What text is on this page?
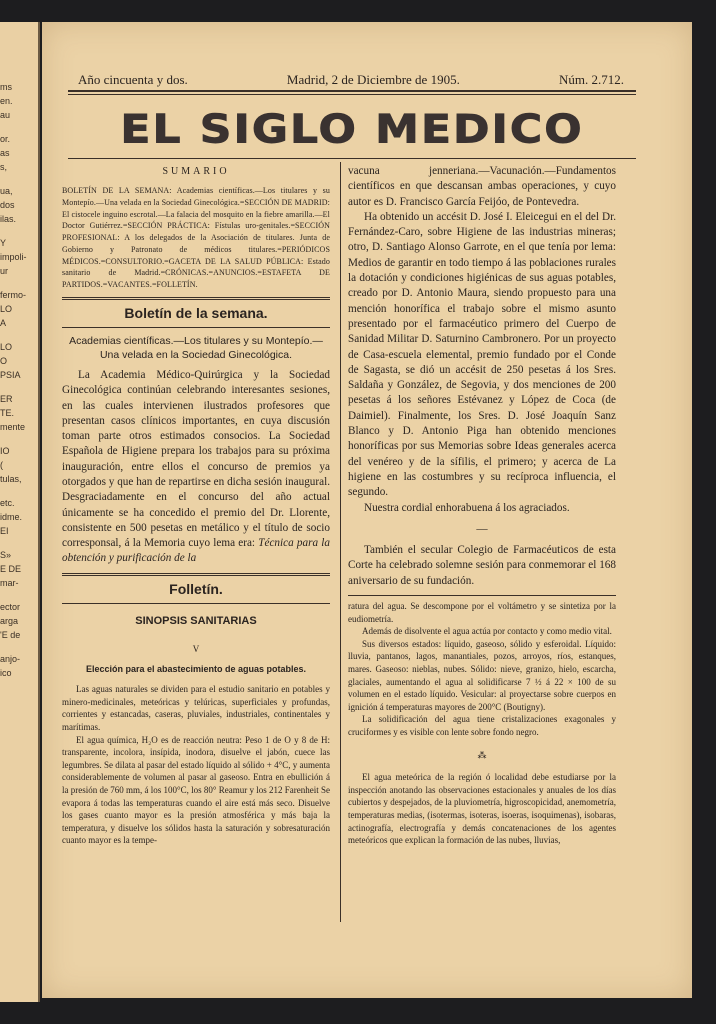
ms
en.
au
or.
as
s,
ua,
dos
ilas.
Y
impoli-
ur
fermo-
LO
A
LO
O
PSIA
ER
TE.
mente
IO
(
tulas,
etc.
idme.
EI
S»
E DE
mar-
ector
arga
'E de
anjo-
ico
Año cincuenta y dos.	Madrid, 2 de Diciembre de 1905.	Núm. 2.712.
EL SIGLO MEDICO
SUMARIO
BOLETÍN DE LA SEMANA: Academias científicas.—Los titulares y su Montepío.—Una velada en la Sociedad Ginecológica.=SECCIÓN DE MADRID: El cistocele inguino escrotal.—La falacia del mosquito en la fiebre amarilla.—El Doctor Gutiérrez.=SECCIÓN PRÁCTICA: Fístulas uro-genitales.=SECCIÓN PROFESIONAL: A los delegados de la Asociación de titulares. Junta de Gobierno y Patronato de médicos titulares.=PERIÓDICOS MÉDICOS.=CONSULTORIO.=GACETA DE LA SALUD PÚBLICA: Estado sanitario de Madrid.=CRÓNICAS.=ANUNCIOS.=ESTAFETA DE PARTIDOS.=VACANTES.=FOLLETÍN.
Boletín de la semana.
Academias científicas.—Los titulares y su Montepío.—Una velada en la Sociedad Ginecológica.

La Academia Médico-Quirúrgica y la Sociedad Ginecológica continúan celebrando interesantes sesiones, en las cuales intervienen ilustrados profesores que presentan casos clínicos importantes, en cuya discusión toman parte otros estimados consocios. La Sociedad Española de Higiene prepara los trabajos para su próxima inauguración, entre ellos el concurso de premios ya otorgados y que han de repartirse en dicha sesión inaugural. Desgraciadamente en el concurso del año actual únicamente se ha concedido el premio del Dr. Llorente, consistente en 500 pesetas en metálico y el título de socio corresponsal, á la Memoria cuyo lema era: Técnica para la obtención y purificación de la

Folletín.
SINOPSIS SANITARIAS
V
Elección para el abastecimiento de aguas potables.

Las aguas naturales se dividen para el estudio sanitario en potables y minero-medicinales, meteóricas y telúricas, superficiales y profundas, corrientes y estancadas, caseras, pluviales, industriales, continentales y marítimas.

El agua química, H₂O es de reacción neutra: Peso 1 de O y 8 de H: transparente, incolora, insípida, inodora, disuelve el jabón, cuece las legumbres. Se dilata al pasar del estado líquido al sólido + 4°C, y aumenta considerablemente de volumen al pasar al gaseoso. Entra en ebullición á la presión de 760 mm, á los 100°C, los 80° Reamur y los 212 Farenheit Se evapora á todas las temperaturas cuando el aire está más seco. Disuelve los gases cuanto mayor es la presión atmosférica y más baja la temperatura, y disuelve los sólidos hasta la saturación y sobresaturación cuanto mayor es la tempe-

vacuna jenneriana.—Vacunación.—Fundamentos científicos en que descansan ambas operaciones, y cuyo autor es D. Francisco García Feijóo, de Pontevedra.

Ha obtenido un accésit D. José I. Eleicegui en el del Dr. Fernández-Caro, sobre Higiene de las industrias mineras; otro, D. Santiago Alonso Garrote, en el que tenía por lema: Medios de garantir en todo tiempo á las poblaciones rurales la dotación y condiciones higiénicas de sus aguas potables, creado por D. Antonio Maura, siendo propuesto para una mención honorífica el trabajo sobre el mismo asunto presentado por el farmacéutico primero del Cuerpo de Sanidad Militar D. Saturnino Cambronero. Por un proyecto de Casa-escuela elemental, premio fundado por el Conde de Sagasta, se dió un accésit de 250 pesetas á los Sres. Saldaña y González, de Segovia, y dos menciones de 200 pesetas á los señores Estévanez y López de Coca (de Daimiel). Finalmente, los Sres. D. José Joaquín Sanz Blanco y D. Antonio Piga han obtenido menciones honoríficas por sus Memorias sobre Ideas generales acerca del venéreo y de la sífilis, el primero; y acerca de La higiene en las costumbres y su recíproca influencia, el segundo.

Nuestra cordial enhorabuena á los agraciados.

—

También el secular Colegio de Farmacéuticos de esta Corte ha celebrado solemne sesión para conmemorar el 168 aniversario de su fundación.

ratura del agua. Se descompone por el voltámetro y se sintetiza por la eudiometría.

Además de disolvente el agua actúa por contacto y como medio vital.

Sus diversos estados: líquido, gaseoso, sólido y esferoidal. Líquido: lluvia, pantanos, lagos, manantiales, pozos, arroyos, ríos, estanques, mares. Gaseoso: nieblas, nubes. Sólido: nieve, granizo, hielo, escarcha, glaciales, aumentando el agua al solidificarse 7 ½ á 22 × 100 de su volumen en el estado líquido. Vesicular: al proyectarse sobre cuerpos en ignición á temperaturas mayores de 200°C (Boutigny).

La solidificación del agua tiene cristalizaciones exagonales y cruciformes y es visible con lente sobre fondo negro.

⁂

El agua meteórica de la región ó localidad debe estudiarse por la inspección anotando las observaciones estacionales y anuales de los días cubiertos y despejados, de la pluviometría, higroscopicidad, anemometría, temperaturas medias, (isotermas, isoteras, isoeras, isoquimenas), isobaras, actinografía, electrografía y demás concatenaciones de los agentes meteóricos que explican la formación de las nubes, lluvias,
